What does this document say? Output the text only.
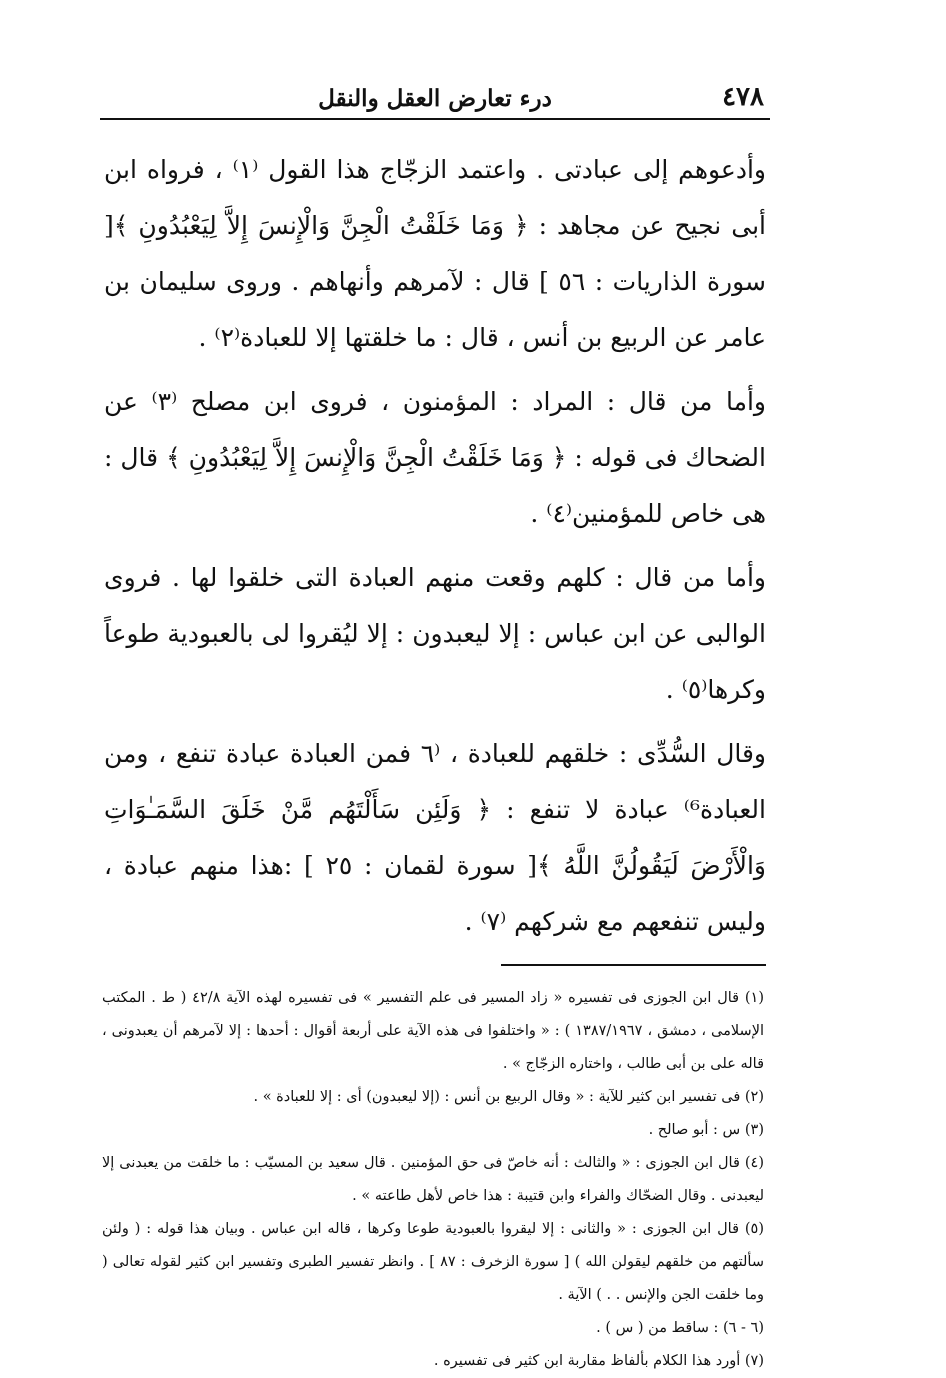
٤٧٨
درء تعارض العقل والنقل

وأدعوهم إلى عبادتى . واعتمد الزجّاج هذا القول ⁽١⁾ ، فرواه ابن أبى نجيح عن مجاهد : ﴿ وَمَا خَلَقْتُ الْجِنَّ وَالْإِنسَ إِلاَّ لِيَعْبُدُونِ ﴾[ سورة الذاريات : ٥٦ ] قال : لآمرهم وأنهاهم . وروى سليمان بن عامر عن الربيع بن أنس ، قال : ما خلقتها إلا للعبادة⁽٢⁾ .

وأما من قال : المراد : المؤمنون ، فروى ابن مصلح ⁽٣⁾ عن الضحاك فى قوله : ﴿ وَمَا خَلَقْتُ الْجِنَّ وَالْإِنسَ إِلاَّ لِيَعْبُدُونِ ﴾ قال : هى خاص للمؤمنين⁽٤⁾ .

وأما من قال : كلهم وقعت منهم العبادة التى خلقوا لها . فروى الوالبى عن ابن عباس : إلا ليعبدون : إلا ليُقروا لى بالعبودية طوعاً وكرها⁽٥⁾ .

وقال السُّدِّى : خلقهم للعبادة ، ⁽٦ فمن العبادة عبادة تنفع ، ومن العبادة⁶⁾ عبادة لا تنفع : ﴿ وَلَئِن سَأَلْتَهُم مَّنْ خَلَقَ السَّمَـٰوَاتِ وَالْأَرْضَ لَيَقُولُنَّ اللَّهُ ﴾[ سورة لقمان : ٢٥ ] :هذا منهم عبادة ، وليس تنفعهم مع شركهم ⁽٧⁾ .

(١) قال ابن الجوزى فى تفسيره « زاد المسير فى علم التفسير » فى تفسيره لهذه الآية ٤٢/٨ ( ط . المكتب الإسلامى ، دمشق ، ١٣٨٧/١٩٦٧ ) : « واختلفوا فى هذه الآية على أربعة أقوال : أحدها : إلا لآمرهم أن يعبدونى ، قاله على بن أبى طالب ، واختاره الزجّاج » .

(٢) فى تفسير ابن كثير للآية : « وقال الربيع بن أنس : (إلا ليعبدون) أى : إلا للعبادة » .

(٣) س : أبو صالح .

(٤) قال ابن الجوزى : « والثالث : أنه خاصّ فى حق المؤمنين . قال سعيد بن المسيّب : ما خلقت من يعبدنى إلا ليعبدنى . وقال الضحّاك والفراء وابن قتيبة : هذا خاص لأهل طاعته » .

(٥) قال ابن الجوزى : « والثانى : إلا ليقروا بالعبودية طوعا وكرها ، قاله ابن عباس . وبيان هذا قوله : ( ولئن سألتهم من خلقهم ليقولن الله ) [ سورة الزخرف : ٨٧ ] . وانظر تفسير الطبرى وتفسير ابن كثير لقوله تعالى ( وما خلقت الجن والإنس . . ) الآية .

(٦ - ٦) : ساقط من ( س ) .

(٧) أورد هذا الكلام بألفاظ مقاربة ابن كثير فى تفسيره .
